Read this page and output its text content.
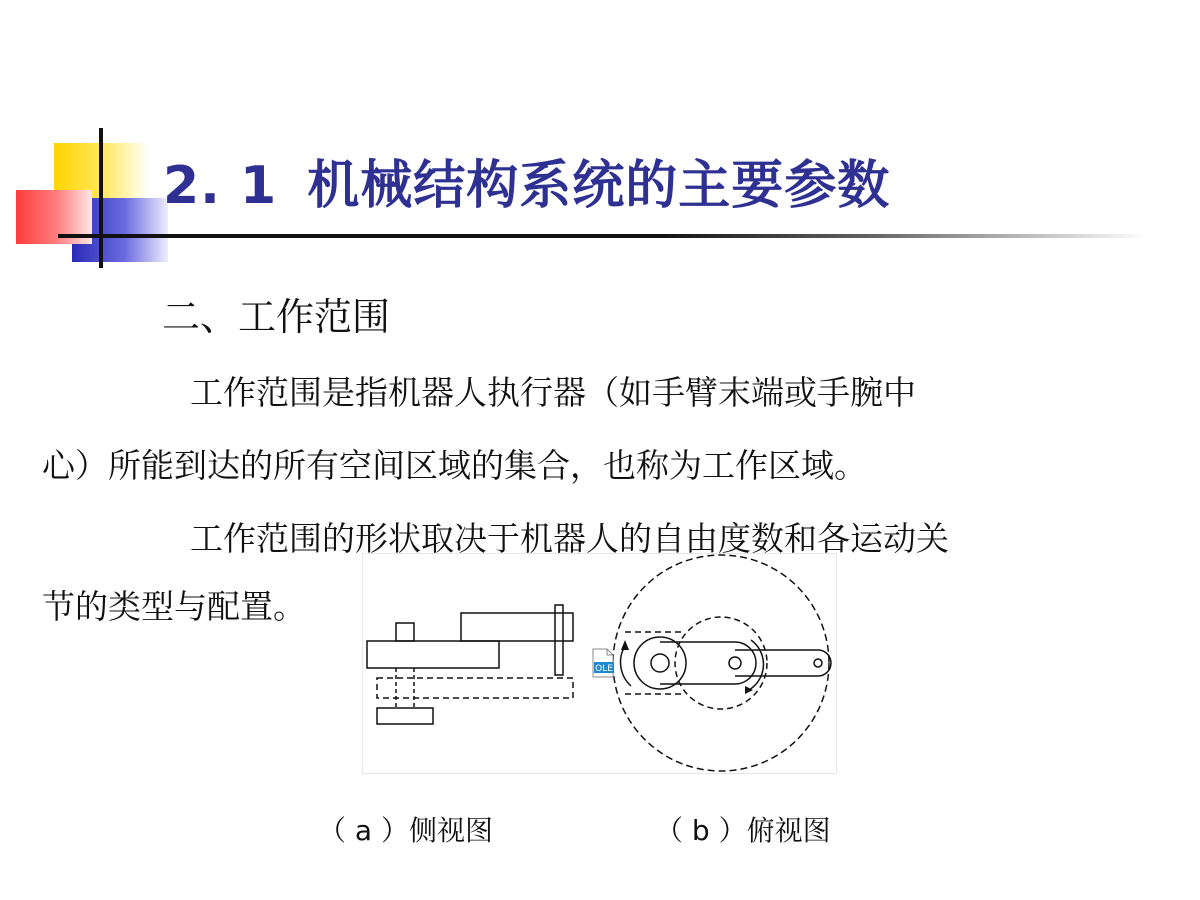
2. 1 机械结构系统的主要参数
二、工作范围
工作范围是指机器人执行器（如手臂末端或手腕中
心）所能到达的所有空间区域的集合，也称为工作区域。
工作范围的形状取决于机器人的自由度数和各运动关
节的类型与配置。
OLE
（ a ）侧视图	（ b ）俯视图
